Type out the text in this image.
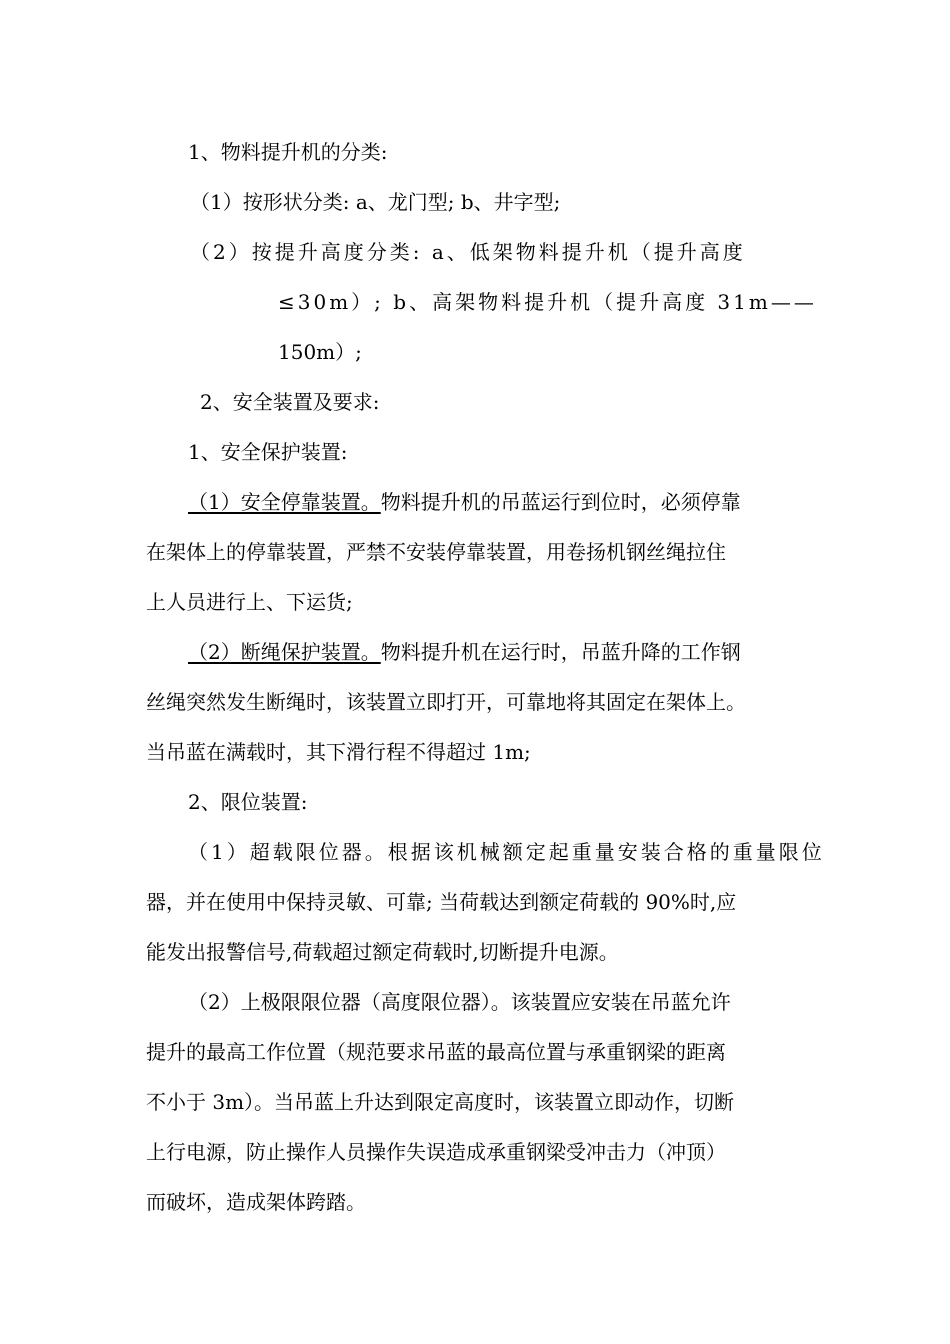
1、物料提升机的分类:
（1）按形状分类: a、龙门型; b、井字型;
（2）按提升高度分类: a、低架物料提升机（提升高度
≤30m）; b、高架物料提升机（提升高度 31m——
150m）;
2、安全装置及要求:
1、安全保护装置:
（1）安全停靠装置。物料提升机的吊蓝运行到位时，必须停靠
在架体上的停靠装置，严禁不安装停靠装置，用卷扬机钢丝绳拉住
上人员进行上、下运货;
（2）断绳保护装置。物料提升机在运行时，吊蓝升降的工作钢
丝绳突然发生断绳时，该装置立即打开，可靠地将其固定在架体上。
当吊蓝在满载时，其下滑行程不得超过 1m;
2、限位装置:
（1）超载限位器。根据该机械额定起重量安装合格的重量限位
器，并在使用中保持灵敏、可靠; 当荷载达到额定荷载的 90%时,应
能发出报警信号,荷载超过额定荷载时,切断提升电源。
（2）上极限限位器（高度限位器）。该装置应安装在吊蓝允许
提升的最高工作位置（规范要求吊蓝的最高位置与承重钢梁的距离
不小于 3m）。当吊蓝上升达到限定高度时，该装置立即动作，切断
上行电源，防止操作人员操作失误造成承重钢梁受冲击力（冲顶）
而破坏，造成架体跨踏。
